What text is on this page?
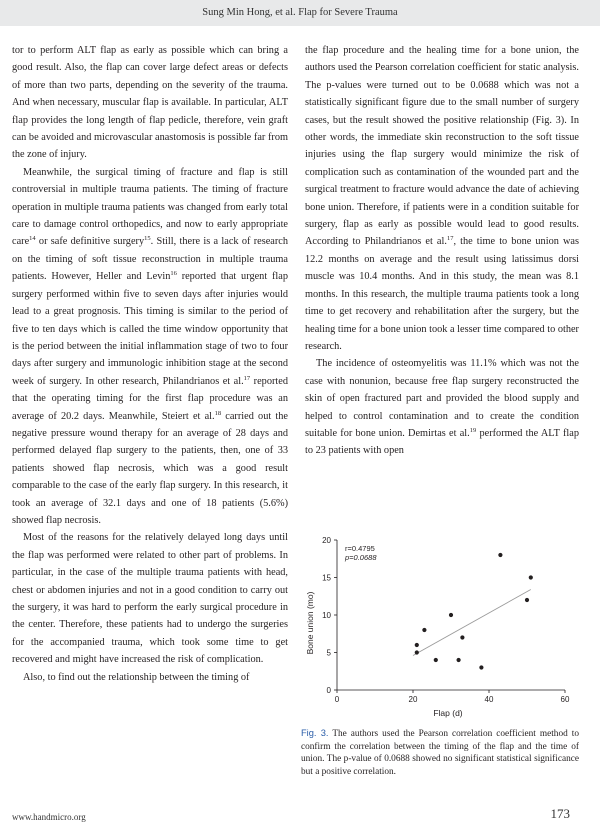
Sung Min Hong, et al. Flap for Severe Trauma

tor to perform ALT flap as early as possible which can bring a good result. Also, the flap can cover large defect areas or defects of more than two parts, depending on the severity of the trauma. And when necessary, muscular flap is available. In particular, ALT flap provides the long length of flap pedicle, therefore, vein graft can be avoided and microvascular anastomosis is possible far from the zone of injury.

Meanwhile, the surgical timing of fracture and flap is still controversial in multiple trauma patients. The timing of fracture operation in multiple trauma patients was changed from early total care to damage control orthopedics, and now to early appropriate care$^{14}$ or safe definitive surgery$^{15}$. Still, there is a lack of research on the timing of soft tissue reconstruction in multiple trauma patients. However, Heller and Levin$^{16}$ reported that urgent flap surgery performed within five to seven days after injuries would lead to a great prognosis. This timing is similar to the period of five to ten days which is called the time window opportunity that is the period between the initial inflammation stage of two to four days after surgery and immunologic inhibition stage at the second week of surgery. In other research, Philandrianos et al.$^{17}$ reported that the operating timing for the first flap procedure was an average of 20.2 days. Meanwhile, Steiert et al.$^{18}$ carried out the negative pressure wound therapy for an average of 28 days and performed delayed flap surgery to the patients, then, one of 33 patients showed flap necrosis, which was a good result comparable to the case of the early flap surgery. In this research, it took an average of 32.1 days and one of 18 patients (5.6%) showed flap necrosis.

Most of the reasons for the relatively delayed long days until the flap was performed were related to other part of problems. In particular, in the case of the multiple trauma patients with head, chest or abdomen injuries and not in a good condition to carry out the surgery, it was hard to perform the early surgical procedure in the center. Therefore, these patients had to undergo the surgeries for the accompanied trauma, which took some time to get recovered and might have increased the risk of complication.

Also, to find out the relationship between the timing of

the flap procedure and the healing time for a bone union, the authors used the Pearson correlation coefficient for static analysis. The p-values were turned out to be 0.0688 which was not a statistically significant figure due to the small number of surgery cases, but the result showed the positive relationship (Fig. 3). In other words, the immediate skin reconstruction to the soft tissue injuries using the flap surgery would minimize the risk of complication such as contamination of the wounded part and the surgical treatment to fracture would advance the date of achieving bone union. Therefore, if patients were in a condition suitable for surgery, flap as early as possible would lead to good results. According to Philandrianos et al.$^{17}$, the time to bone union was 12.2 months on average and the result using latissimus dorsi muscle was 10.4 months. And in this study, the mean was 8.1 months. In this research, the multiple trauma patients took a long time to get recovery and rehabilitation after the surgery, but the healing time for a bone union took a lesser time compared to other research.

The incidence of osteomyelitis was 11.1% which was not the case with nonunion, because free flap surgery reconstructed the skin of open fractured part and provided the blood supply and helped to control contamination and to create the condition suitable for bone union. Demirtas et al.$^{19}$ performed the ALT flap to 23 patients with open

0
5
10
15
20
0	20	40	60
r=0.4795
p=0.0688
Flap (d)
Bone union (mo)
Fig. 3. The authors used the Pearson correlation coefficient method to confirm the correlation between the timing of the flap and the time of union. The p-value of 0.0688 showed no significant statistical significance but a positive correlation.
www.handmicro.org	173
